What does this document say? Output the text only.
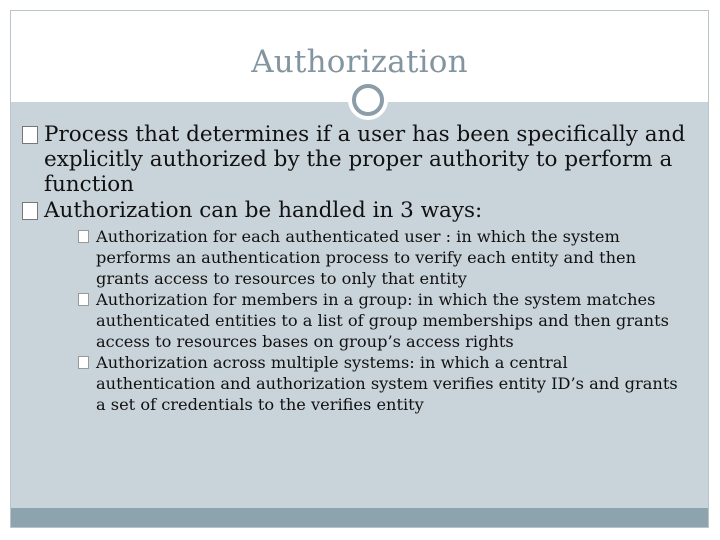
Authorization
Process that determines if a user has been specifically and explicitly authorized by the proper authority to perform a function
Authorization can be handled in 3 ways:
Authorization for each authenticated user : in which the system performs an authentication process to verify each entity and then grants access to resources to only that entity
Authorization for members in a group: in which the system matches authenticated entities to a list of group memberships and then grants access to resources bases on group’s access rights
Authorization across multiple systems: in which a central authentication and authorization system verifies entity ID’s and grants a set of credentials to the verifies entity
